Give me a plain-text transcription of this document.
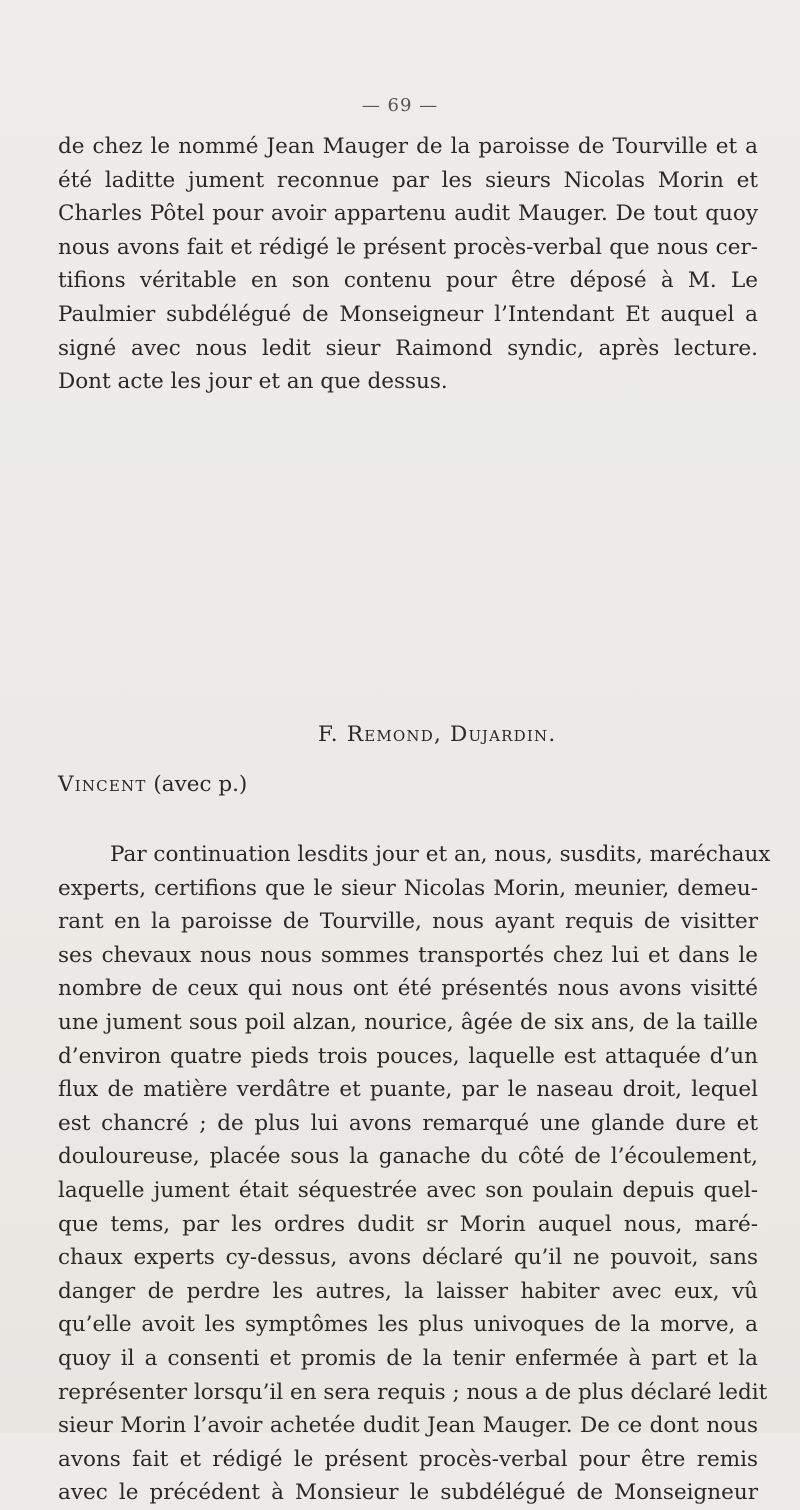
— 69 —
de chez le nommé Jean Mauger de la paroisse de Tourville et a
été laditte jument reconnue par les sieurs Nicolas Morin et
Charles Pôtel pour avoir appartenu audit Mauger. De tout quoy
nous avons fait et rédigé le présent procès-verbal que nous cer-
tifions véritable en son contenu pour être déposé à M. Le
Paulmier subdélégué de Monseigneur l’Intendant Et auquel a
signé avec nous ledit sieur Raimond syndic, après lecture.
Dont acte les jour et an que dessus.
F. Remond, Dujardin.
Vincent (avec p.)
Par continuation lesdits jour et an, nous, susdits, maréchaux
experts, certifions que le sieur Nicolas Morin, meunier, demeu-
rant en la paroisse de Tourville, nous ayant requis de visitter
ses chevaux nous nous sommes transportés chez lui et dans le
nombre de ceux qui nous ont été présentés nous avons visitté
une jument sous poil alzan, nourice, âgée de six ans, de la taille
d’environ quatre pieds trois pouces, laquelle est attaquée d’un
flux de matière verdâtre et puante, par le naseau droit, lequel
est chancré ; de plus lui avons remarqué une glande dure et
douloureuse, placée sous la ganache du côté de l’écoulement,
laquelle jument était séquestrée avec son poulain depuis quel-
que tems, par les ordres dudit sr Morin auquel nous, maré-
chaux experts cy-dessus, avons déclaré qu’il ne pouvoit, sans
danger de perdre les autres, la laisser habiter avec eux, vû
qu’elle avoit les symptômes les plus univoques de la morve, a
quoy il a consenti et promis de la tenir enfermée à part et la
représenter lorsqu’il en sera requis ; nous a de plus déclaré ledit
sieur Morin l’avoir achetée dudit Jean Mauger. De ce dont nous
avons fait et rédigé le présent procès-verbal pour être remis
avec le précédent à Monsieur le subdélégué de Monseigneur
